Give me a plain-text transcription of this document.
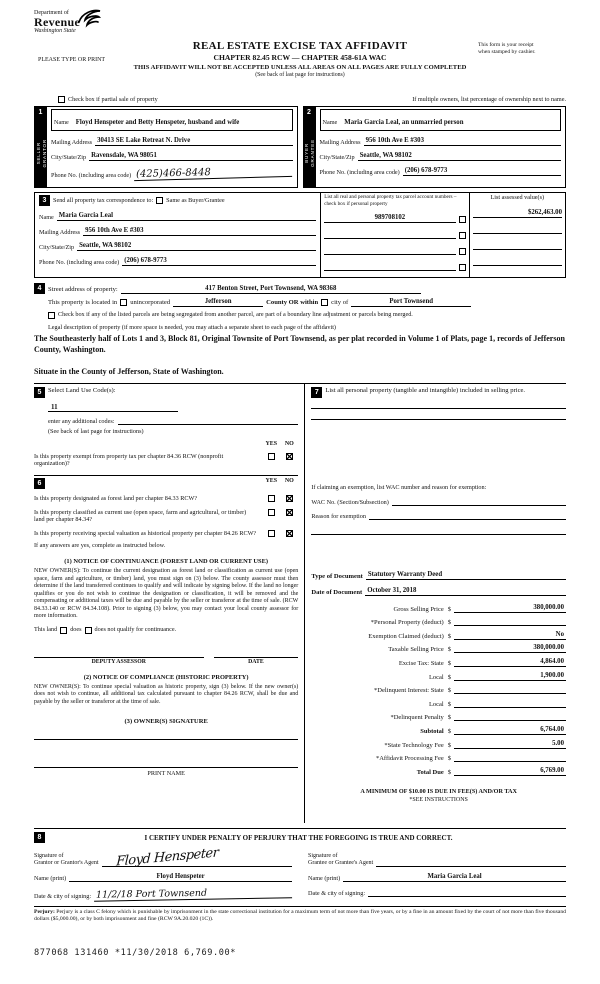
Department of
Revenue
Washington State
REAL ESTATE EXCISE TAX AFFIDAVIT	This form is your receipt
when stamped by cashier.
PLEASE TYPE OR PRINT	CHAPTER 82.45 RCW — CHAPTER 458-61A WAC
THIS AFFIDAVIT WILL NOT BE ACCEPTED UNLESS ALL AREAS ON ALL PAGES ARE FULLY COMPLETED
(See back of last page for instructions)
Check box if partial sale of property	If multiple owners, list percentage of ownership next to name.
1
SELLER GRANTOR
Name Floyd Henspeter and Betty Henspeter, husband and wife
Mailing Address 30413 SE Lake Retreat N. Drive
City/State/Zip Ravensdale, WA 98051
Phone No. (including area code) (425)466-8448
2
BUYER GRANTEE
Name Maria Garcia Leal, an unmarried person
Mailing Address 956 10th Ave E #303
City/State/Zip Seattle, WA 98102
Phone No. (including area code) (206) 678-9773
3	Send all property tax correspondence to: Same as Buyer/Grantee
Name Maria Garcia Leal
Mailing Address 956 10th Ave E #303
City/State/Zip Seattle, WA 98102
Phone No. (including area code) (206) 678-9773
List all real and personal property tax parcel account numbers – check box if personal property
989708102
List assessed value(s)
$262,463.00
4 Street address of property:	417 Benton Street, Port Townsend, WA 98368
This property is located in unincorporated	Jefferson	County OR within city of	Port Townsend
Check box if any of the listed parcels are being segregated from another parcel, are part of a boundary line adjustment or parcels being merged.
Legal description of property (if more space is needed, you may attach a separate sheet to each page of the affidavit)
The Southeasterly half of Lots 1 and 3, Block 81, Original Townsite of Port Townsend, as per plat recorded in Volume 1 of Plats, page 1, records of Jefferson County, Washington.
Situate in the County of Jefferson, State of Washington.
5 Select Land Use Code(s):
11
enter any additional codes:
(See back of last page for instructions)
YES	NO
Is this property exempt from property tax per chapter 84.36 RCW (nonprofit organization)?
6	YES	NO
Is this property designated as forest land per chapter 84.33 RCW?
Is this property classified as current use (open space, farm and agricultural, or timber) land per chapter 84.34?
Is this property receiving special valuation as historical property per chapter 84.26 RCW?
If any answers are yes, complete as instructed below.
(1) NOTICE OF CONTINUANCE (FOREST LAND OR CURRENT USE)
NEW OWNER(S): To continue the current designation as forest land or classification as current use (open space, farm and agriculture, or timber) land, you must sign on (3) below. The county assessor must then determine if the land transferred continues to qualify and will indicate by signing below. If the land no longer qualifies or you do not wish to continue the designation or classification, it will be removed and the compensating or additional taxes will be due and payable by the seller or transferor at the time of sale. (RCW 84.33.140 or RCW 84.34.108). Prior to signing (3) below, you may contact your local county assessor for more information.
This land does does not qualify for continuance.
DEPUTY ASSESSOR	DATE
(2) NOTICE OF COMPLIANCE (HISTORIC PROPERTY)
NEW OWNER(S): To continue special valuation as historic property, sign (3) below. If the new owner(s) does not wish to continue, all additional tax calculated pursuant to chapter 84.26 RCW, shall be due and payable by the seller or transferor at the time of sale.
(3) OWNER(S) SIGNATURE
PRINT NAME
7 List all personal property (tangible and intangible) included in selling price.
If claiming an exemption, list WAC number and reason for exemption:
WAC No. (Section/Subsection)
Reason for exemption
Type of Document Statutory Warranty Deed
Date of Document October 31, 2018
Gross Selling Price $	380,000.00
*Personal Property (deduct) $
Exemption Claimed (deduct) $	No
Taxable Selling Price $	380,000.00
Excise Tax: State $	4,864.00
Local $	1,900.00
*Delinquent Interest: State $
Local $
*Delinquent Penalty $
Subtotal $	6,764.00
*State Technology Fee $	5.00
*Affidavit Processing Fee $
Total Due $	6,769.00
A MINIMUM OF $10.00 IS DUE IN FEE(S) AND/OR TAX
*SEE INSTRUCTIONS
8	I CERTIFY UNDER PENALTY OF PERJURY THAT THE FOREGOING IS TRUE AND CORRECT.
Signature of
Grantor or Grantor's Agent	Floyd Henspeter
Name (print)	Floyd Henspeter
Date & city of signing: 11/2/18 Port Townsend
Signature of
Grantee or Grantee's Agent
Name (print)	Maria Garcia Leal
Date & city of signing:
Perjury: Perjury is a class C felony which is punishable by imprisonment in the state correctional institution for a maximum term of not more than five years, or by a fine in an amount fixed by the court of not more than five thousand dollars ($5,000.00), or by both imprisonment and fine (RCW 9A.20.020 (1C)).
877068 131460 *11/30/2018 6,769.00*
